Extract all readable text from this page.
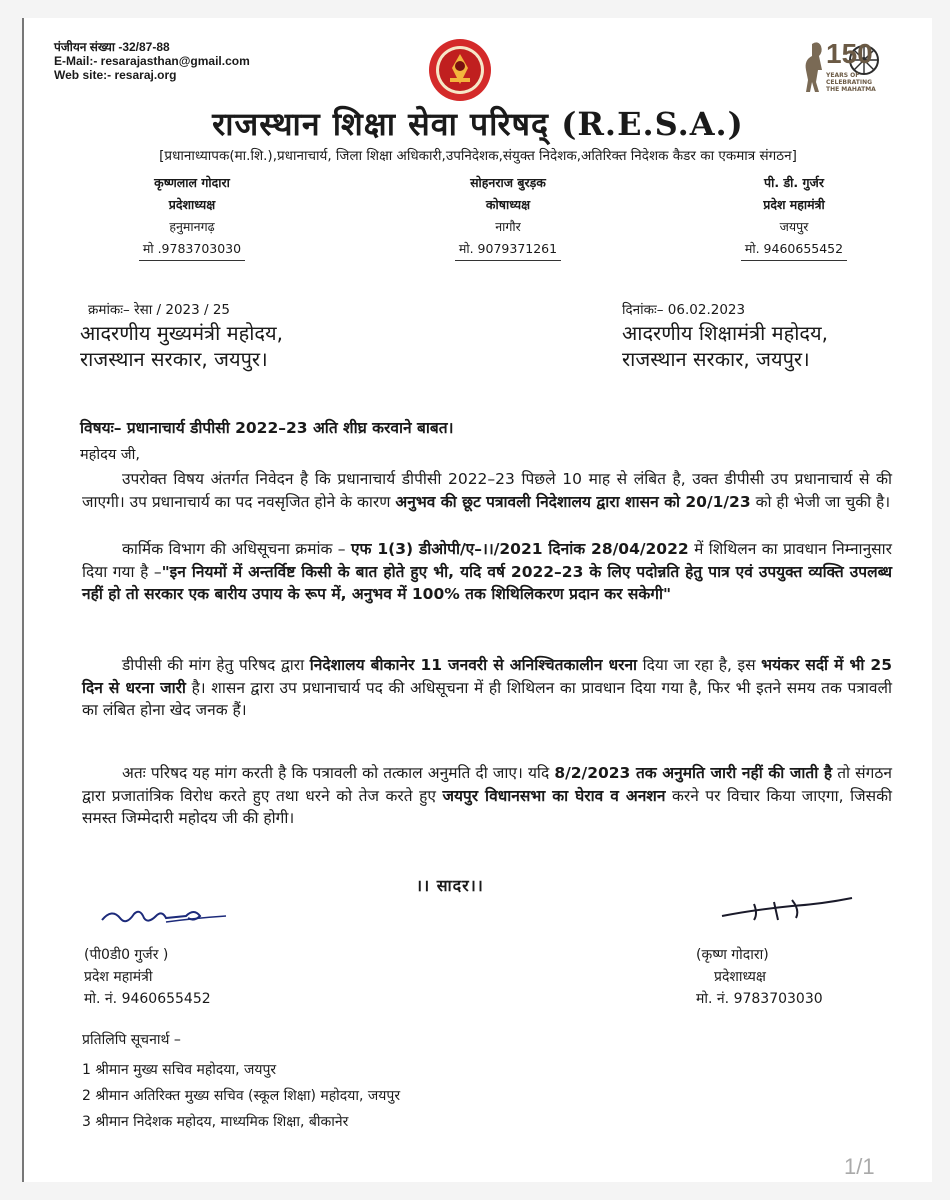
पंजीयन संख्या -32/87-88
E-Mail:- resarajasthan@gmail.com
Web site:- resaraj.org
150
YEARS OF
CELEBRATING
THE MAHATMA
राजस्थान शिक्षा सेवा परिषद् (R.E.S.A.)
[प्रधानाध्यापक(मा.शि.),प्रधानाचार्य, जिला शिक्षा अधिकारी,उपनिदेशक,संयुक्त निदेशक,अतिरिक्त निदेशक कैडर का एकमात्र संगठन]
कृष्णलाल गोदारा
प्रदेशाध्यक्ष
हनुमानगढ़
मो .9783703030
सोहनराज बुरड़क
कोषाध्यक्ष
नागौर
मो. 9079371261
पी. डी. गुर्जर
प्रदेश महामंत्री
जयपुर
मो. 9460655452
क्रमांकः– रेसा / 2023 / 25	दिनांकः– 06.02.2023
आदरणीय मुख्यमंत्री महोदय,
राजस्थान सरकार, जयपुर।
आदरणीय शिक्षामंत्री महोदय,
राजस्थान सरकार, जयपुर।
विषयः– प्रधानाचार्य डीपीसी 2022–23 अति शीघ्र करवाने बाबत।
महोदय जी,
उपरोक्त विषय अंतर्गत निवेदन है कि प्रधानाचार्य डीपीसी 2022–23 पिछले 10 माह से लंबित है, उक्त डीपीसी उप प्रधानाचार्य से की जाएगी। उप प्रधानाचार्य का पद नवसृजित होने के कारण अनुभव की छूट पत्रावली निदेशालय द्वारा शासन को 20/1/23 को ही भेजी जा चुकी है।
कार्मिक विभाग की अधिसूचना क्रमांक – एफ 1(3) डीओपी/ए–।।/2021 दिनांक 28/04/2022 में शिथिलन का प्रावधान निम्नानुसार दिया गया है –"इन नियमों में अन्तर्विष्ट किसी के बात होते हुए भी, यदि वर्ष 2022–23 के लिए पदोन्नति हेतु पात्र एवं उपयुक्त व्यक्ति उपलब्ध नहीं हो तो सरकार एक बारीय उपाय के रूप में, अनुभव में 100% तक शिथिलिकरण प्रदान कर सकेगी"
डीपीसी की मांग हेतु परिषद द्वारा निदेशालय बीकानेर 11 जनवरी से अनिश्चितकालीन धरना दिया जा रहा है, इस भयंकर सर्दी में भी 25 दिन से धरना जारी है। शासन द्वारा उप प्रधानाचार्य पद की अधिसूचना में ही शिथिलन का प्रावधान दिया गया है, फिर भी इतने समय तक पत्रावली का लंबित होना खेद जनक हैं।
अतः परिषद यह मांग करती है कि पत्रावली को तत्काल अनुमति दी जाए। यदि 8/2/2023 तक अनुमति जारी नहीं की जाती है तो संगठन द्वारा प्रजातांत्रिक विरोध करते हुए तथा धरने को तेज करते हुए जयपुर विधानसभा का घेराव व अनशन करने पर विचार किया जाएगा, जिसकी समस्त जिम्मेदारी महोदय जी की होगी।
।। सादर।।
(पी0डी0 गुर्जर )
प्रदेश महामंत्री
मो. नं. 9460655452
(कृष्ण गोदारा)
प्रदेशाध्यक्ष
मो. नं. 9783703030
प्रतिलिपि सूचनार्थ –
1 श्रीमान मुख्य सचिव महोदया, जयपुर
2 श्रीमान अतिरिक्त मुख्य सचिव (स्कूल शिक्षा) महोदया, जयपुर
3 श्रीमान निदेशक महोदय, माध्यमिक शिक्षा, बीकानेर
1/1
